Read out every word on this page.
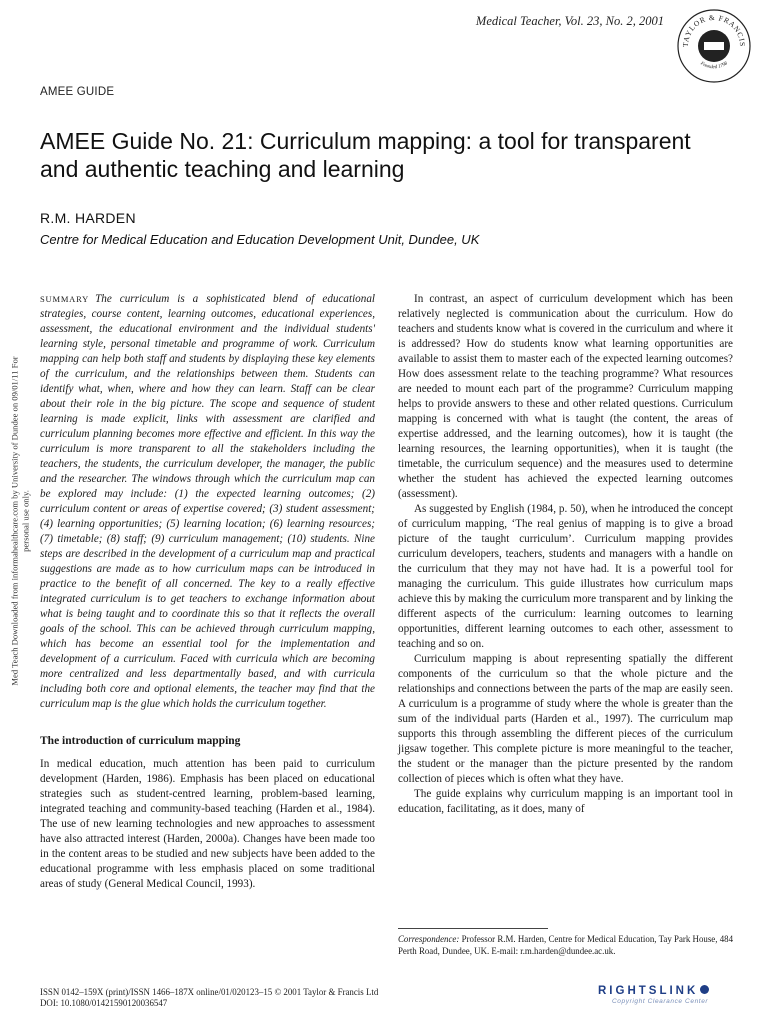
Medical Teacher, Vol. 23, No. 2, 2001
TAYLOR & FRANCIS
Founded 1798
AMEE GUIDE
AMEE Guide No. 21: Curriculum mapping: a tool for transparent and authentic teaching and learning
R.M. HARDEN
Centre for Medical Education and Education Development Unit, Dundee, UK
Med Teach Downloaded from informahealthcare.com by University of Dundee on 09/01/11 For personal use only.

SUMMARY The curriculum is a sophisticated blend of educational strategies, course content, learning outcomes, educational experiences, assessment, the educational environment and the individual students' learning style, personal timetable and programme of work. Curriculum mapping can help both staff and students by displaying these key elements of the curriculum, and the relationships between them. Students can identify what, when, where and how they can learn. Staff can be clear about their role in the big picture. The scope and sequence of student learning is made explicit, links with assessment are clarified and curriculum planning becomes more effective and efficient. In this way the curriculum is more transparent to all the stakeholders including the teachers, the students, the curriculum developer, the manager, the public and the researcher. The windows through which the curriculum map can be explored may include: (1) the expected learning outcomes; (2) curriculum content or areas of expertise covered; (3) student assessment; (4) learning opportunities; (5) learning location; (6) learning resources; (7) timetable; (8) staff; (9) curriculum management; (10) students. Nine steps are described in the development of a curriculum map and practical suggestions are made as to how curriculum maps can be introduced in practice to the benefit of all concerned. The key to a really effective integrated curriculum is to get teachers to exchange information about what is being taught and to coordinate this so that it reflects the overall goals of the school. This can be achieved through curriculum mapping, which has become an essential tool for the implementation and development of a curriculum. Faced with curricula which are becoming more centralized and less departmentally based, and with curricula including both core and optional elements, the teacher may find that the curriculum map is the glue which holds the curriculum together.

The introduction of curriculum mapping

In medical education, much attention has been paid to curriculum development (Harden, 1986). Emphasis has been placed on educational strategies such as student-centred learning, problem-based learning, integrated teaching and community-based teaching (Harden et al., 1984). The use of new learning technologies and new approaches to assessment have also attracted interest (Harden, 2000a). Changes have been made too in the content areas to be studied and new subjects have been added to the educational programme with less emphasis placed on some traditional areas of study (General Medical Council, 1993).

In contrast, an aspect of curriculum development which has been relatively neglected is communication about the curriculum. How do teachers and students know what is covered in the curriculum and where it is addressed? How do students know what learning opportunities are available to assist them to master each of the expected learning outcomes? How does assessment relate to the teaching programme? What resources are needed to mount each part of the programme? Curriculum mapping helps to provide answers to these and other related questions. Curriculum mapping is concerned with what is taught (the content, the areas of expertise addressed, and the learning outcomes), how it is taught (the learning resources, the learning opportunities), when it is taught (the timetable, the curriculum sequence) and the measures used to determine whether the student has achieved the expected learning outcomes (assessment).

As suggested by English (1984, p. 50), when he introduced the concept of curriculum mapping, ‘The real genius of mapping is to give a broad picture of the taught curriculum’. Curriculum mapping provides curriculum developers, teachers, students and managers with a handle on the curriculum that they may not have had. It is a powerful tool for managing the curriculum. This guide illustrates how curriculum maps achieve this by making the curriculum more transparent and by linking the different aspects of the curriculum: learning outcomes to learning opportunities, different learning outcomes to each other, assessment to teaching and so on.

Curriculum mapping is about representing spatially the different components of the curriculum so that the whole picture and the relationships and connections between the parts of the map are easily seen. A curriculum is a programme of study where the whole is greater than the sum of the individual parts (Harden et al., 1997). The curriculum map supports this through assembling the different pieces of the curriculum jigsaw together. This complete picture is more meaningful to the teacher, the student or the manager than the picture presented by the random collection of pieces which is often what they have.

The guide explains why curriculum mapping is an important tool in education, facilitating, as it does, many of

Correspondence: Professor R.M. Harden, Centre for Medical Education, Tay Park House, 484 Perth Road, Dundee, UK. E-mail: r.m.harden@dundee.ac.uk.
ISSN 0142–159X (print)/ISSN 1466–187X online/01/020123–15 © 2001 Taylor & Francis Ltd
DOI: 10.1080/01421590120036547
RIGHTSLINK
Copyright Clearance Center
